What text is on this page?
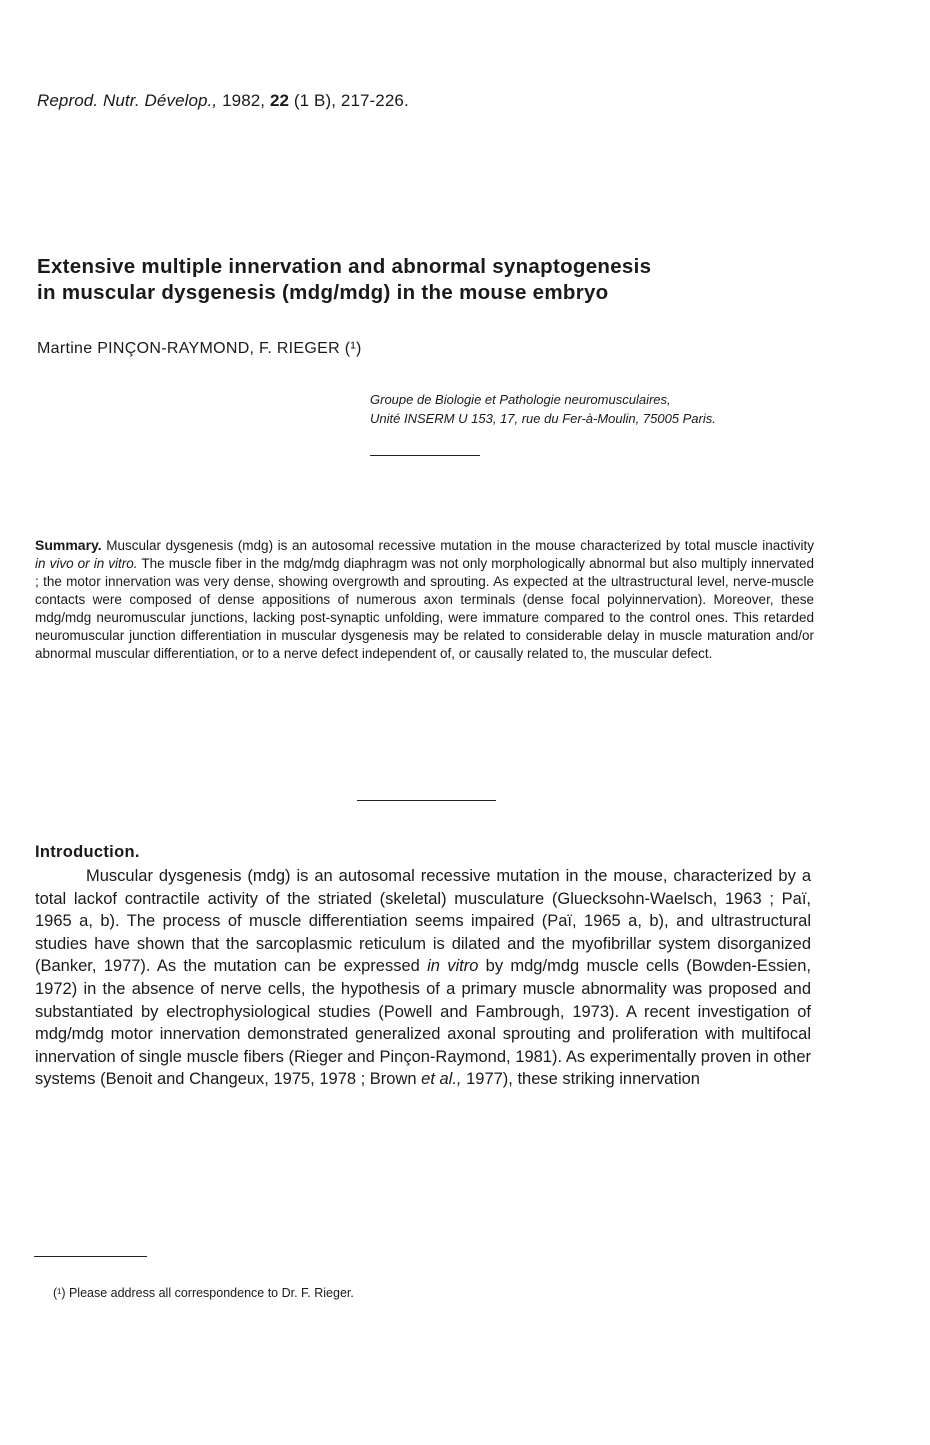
Reprod. Nutr. Dévelop., 1982, 22 (1 B), 217-226.
Extensive multiple innervation and abnormal synaptogenesis
in muscular dysgenesis (mdg/mdg) in the mouse embryo
Martine PINÇON-RAYMOND, F. RIEGER (¹)
Groupe de Biologie et Pathologie neuromusculaires,
Unité INSERM U 153, 17, rue du Fer-à-Moulin, 75005 Paris.
Summary. Muscular dysgenesis (mdg) is an autosomal recessive mutation in the mouse characterized by total muscle inactivity in vivo or in vitro. The muscle fiber in the mdg/mdg diaphragm was not only morphologically abnormal but also multiply innervated ; the motor innervation was very dense, showing overgrowth and sprouting. As expected at the ultrastructural level, nerve-muscle contacts were composed of dense appositions of numerous axon terminals (dense focal polyinnervation). Moreover, these mdg/mdg neuromuscular junctions, lacking post-synaptic unfolding, were immature compared to the control ones. This retarded neuromuscular junction differentiation in muscular dysgenesis may be related to considerable delay in muscle maturation and/or abnormal muscular differentiation, or to a nerve defect independent of, or causally related to, the muscular defect.
Introduction.
Muscular dysgenesis (mdg) is an autosomal recessive mutation in the mouse, characterized by a total lackof contractile activity of the striated (skeletal) musculature (Gluecksohn-Waelsch, 1963 ; Paï, 1965 a, b). The process of muscle differentiation seems impaired (Paï, 1965 a, b), and ultrastructural studies have shown that the sarcoplasmic reticulum is dilated and the myofibrillar system disorganized (Banker, 1977). As the mutation can be expressed in vitro by mdg/mdg muscle cells (Bowden-Essien, 1972) in the absence of nerve cells, the hypothesis of a primary muscle abnormality was proposed and substantiated by electrophysiological studies (Powell and Fambrough, 1973). A recent investigation of mdg/mdg motor innervation demonstrated generalized axonal sprouting and proliferation with multifocal innervation of single muscle fibers (Rieger and Pinçon-Raymond, 1981). As experimentally proven in other systems (Benoit and Changeux, 1975, 1978 ; Brown et al., 1977), these striking innervation
(¹) Please address all correspondence to Dr. F. Rieger.
